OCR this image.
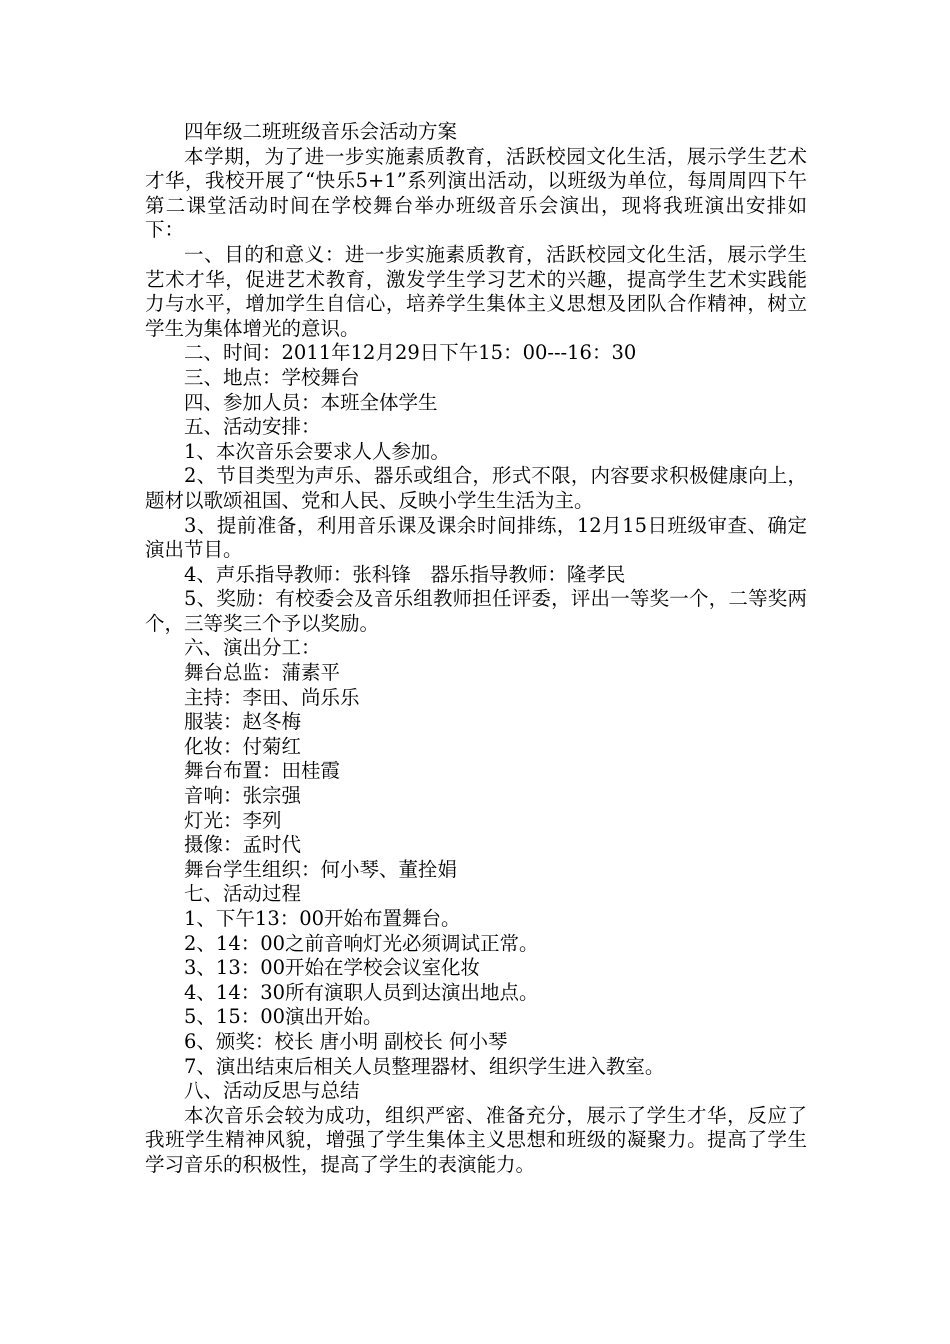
四年级二班班级音乐会活动方案

本学期，为了进一步实施素质教育，活跃校园文化生活，展示学生艺术才华，我校开展了“快乐5+1”系列演出活动，以班级为单位，每周周四下午第二课堂活动时间在学校舞台举办班级音乐会演出，现将我班演出安排如下：

一、目的和意义：进一步实施素质教育，活跃校园文化生活，展示学生艺术才华，促进艺术教育，激发学生学习艺术的兴趣，提高学生艺术实践能力与水平，增加学生自信心，培养学生集体主义思想及团队合作精神，树立学生为集体增光的意识。

二、时间：2011年12月29日下午15：00---16：30

三、地点：学校舞台

四、参加人员：本班全体学生

五、活动安排：

1、本次音乐会要求人人参加。

2、节目类型为声乐、器乐或组合，形式不限，内容要求积极健康向上，题材以歌颂祖国、党和人民、反映小学生生活为主。

3、提前准备，利用音乐课及课余时间排练，12月15日班级审查、确定演出节目。

4、声乐指导教师：张科锋　器乐指导教师：隆孝民

5、奖励：有校委会及音乐组教师担任评委，评出一等奖一个，二等奖两个，三等奖三个予以奖励。

六、演出分工：

舞台总监：蒲素平

主持：李田、尚乐乐

服装：赵冬梅

化妆：付菊红

舞台布置：田桂霞

音响：张宗强

灯光：李列

摄像：孟时代

舞台学生组织：何小琴、董拴娟

七、活动过程

1、下午13：00开始布置舞台。

2、14：00之前音响灯光必须调试正常。

3、13：00开始在学校会议室化妆

4、14：30所有演职人员到达演出地点。

5、15：00演出开始。

6、颁奖：校长 唐小明 副校长 何小琴

7、演出结束后相关人员整理器材、组织学生进入教室。

八、活动反思与总结

本次音乐会较为成功，组织严密、准备充分，展示了学生才华，反应了我班学生精神风貌，增强了学生集体主义思想和班级的凝聚力。提高了学生学习音乐的积极性，提高了学生的表演能力。
